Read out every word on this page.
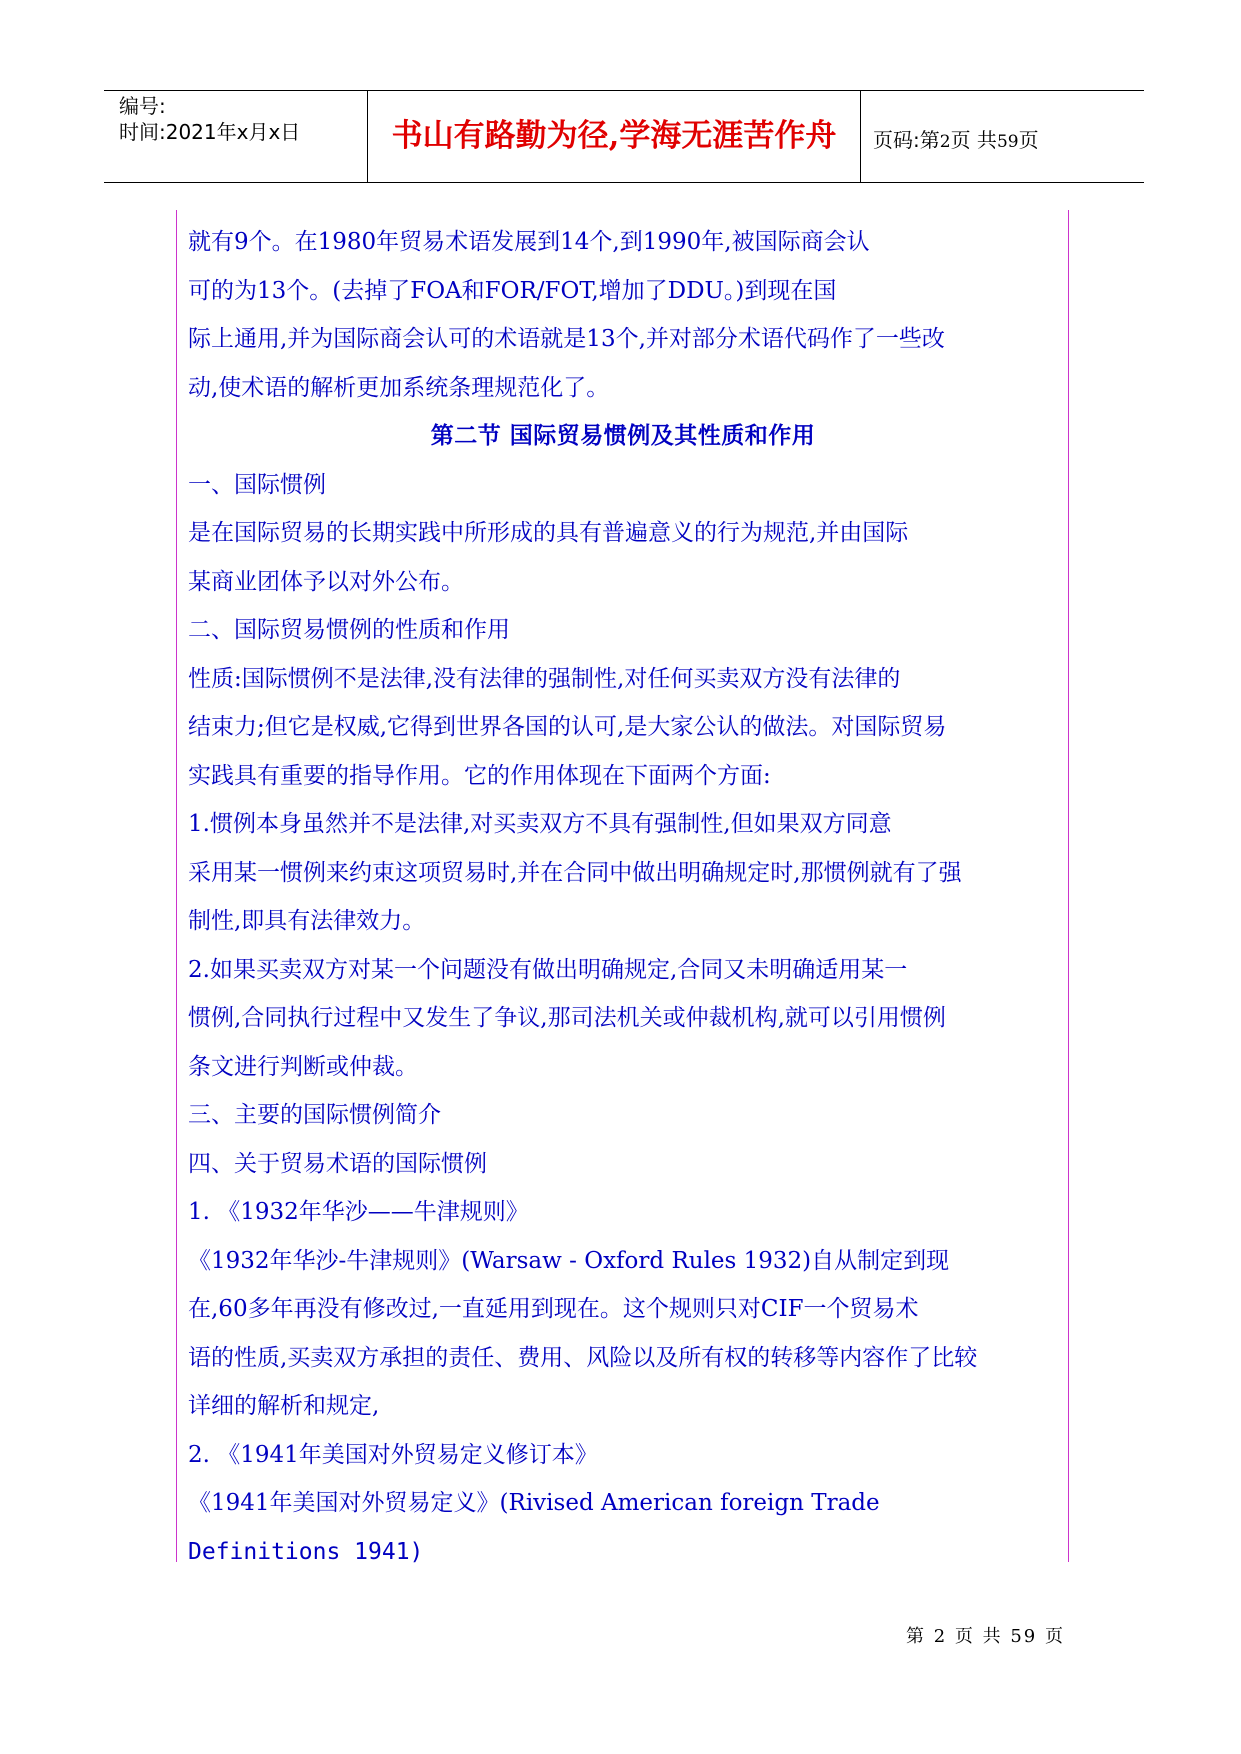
编号:
时间:2021年x月x日	书山有路勤为径,学海无涯苦作舟	页码:第2页 共59页

就有9个。在1980年贸易术语发展到14个,到1990年,被国际商会认

可的为13个。(去掉了FOA和FOR/FOT,增加了DDU。)到现在国

际上通用,并为国际商会认可的术语就是13个,并对部分术语代码作了一些改

动,使术语的解析更加系统条理规范化了。

第二节 国际贸易惯例及其性质和作用

一、国际惯例

是在国际贸易的长期实践中所形成的具有普遍意义的行为规范,并由国际

某商业团体予以对外公布。

二、国际贸易惯例的性质和作用

性质:国际惯例不是法律,没有法律的强制性,对任何买卖双方没有法律的

结束力;但它是权威,它得到世界各国的认可,是大家公认的做法。对国际贸易

实践具有重要的指导作用。它的作用体现在下面两个方面:

1.惯例本身虽然并不是法律,对买卖双方不具有强制性,但如果双方同意

采用某一惯例来约束这项贸易时,并在合同中做出明确规定时,那惯例就有了强

制性,即具有法律效力。

2.如果买卖双方对某一个问题没有做出明确规定,合同又未明确适用某一

惯例,合同执行过程中又发生了争议,那司法机关或仲裁机构,就可以引用惯例

条文进行判断或仲裁。

三、主要的国际惯例简介

四、关于贸易术语的国际惯例

1. 《1932年华沙——牛津规则》

《1932年华沙-牛津规则》(Warsaw - Oxford Rules 1932)自从制定到现

在,60多年再没有修改过,一直延用到现在。这个规则只对CIF一个贸易术

语的性质,买卖双方承担的责任、费用、风险以及所有权的转移等内容作了比较

详细的解析和规定,

2. 《1941年美国对外贸易定义修订本》

《1941年美国对外贸易定义》(Rivised American foreign Trade

Definitions 1941)

第 2 页 共 59 页
